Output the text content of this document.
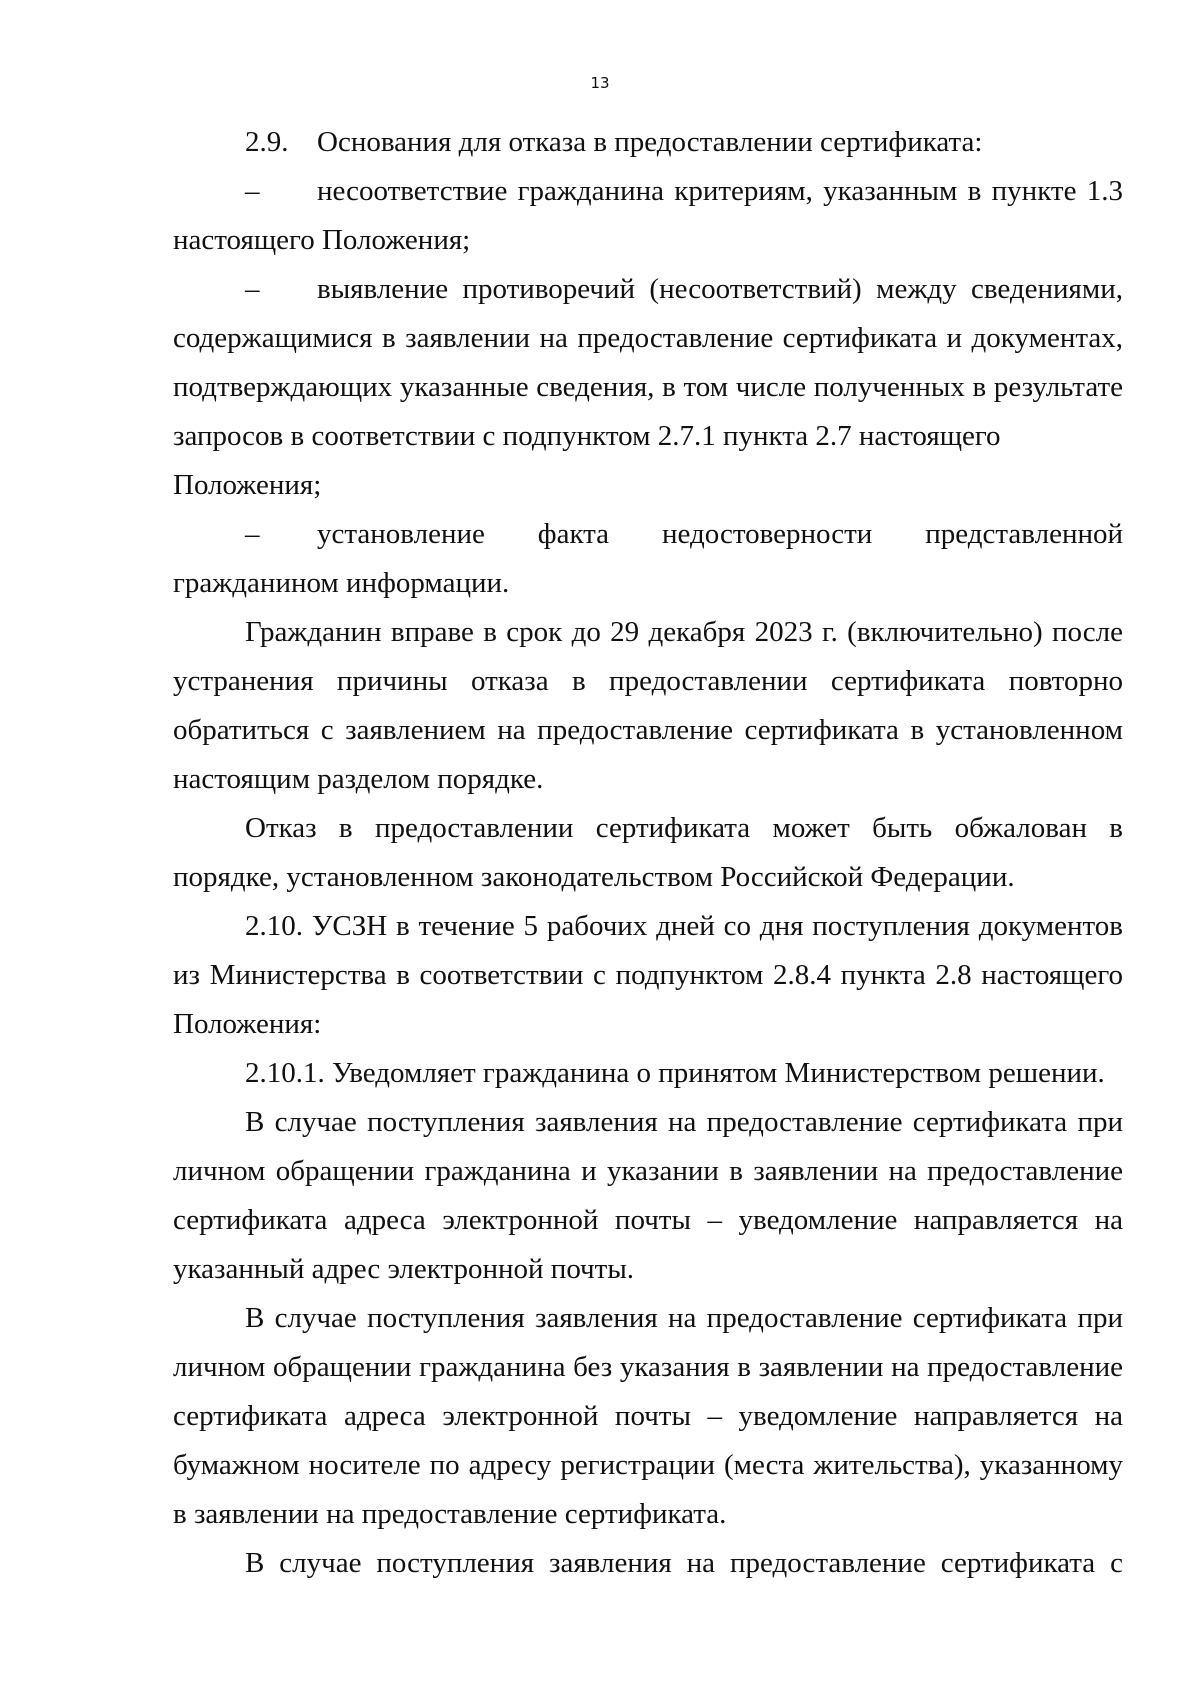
13
2.9. Основания для отказа в предоставлении сертификата:
–	несоответствие гражданина критериям, указанным в пункте 1.3
настоящего Положения;
–	выявление противоречий (несоответствий) между сведениями,
содержащимися в заявлении на предоставление сертификата и документах, подтверждающих указанные сведения, в том числе полученных в результате запросов в соответствии с подпунктом 2.7.1 пункта 2.7 настоящего
Положения;
–	установление факта недостоверности представленной
гражданином информации.

Гражданин вправе в срок до 29 декабря 2023 г. (включительно) после устранения причины отказа в предоставлении сертификата повторно обратиться с заявлением на предоставление сертификата в установленном настоящим разделом порядке.

Отказ в предоставлении сертификата может быть обжалован в порядке, установленном законодательством Российской Федерации.

2.10. УСЗН в течение 5 рабочих дней со дня поступления документов из Министерства в соответствии с подпунктом 2.8.4 пункта 2.8 настоящего Положения:

2.10.1. Уведомляет гражданина о принятом Министерством решении.

В случае поступления заявления на предоставление сертификата при личном обращении гражданина и указании в заявлении на предоставление сертификата адреса электронной почты – уведомление направляется на указанный адрес электронной почты.

В случае поступления заявления на предоставление сертификата при личном обращении гражданина без указания в заявлении на предоставление сертификата адреса электронной почты – уведомление направляется на бумажном носителе по адресу регистрации (места жительства), указанному в заявлении на предоставление сертификата.

В случае поступления заявления на предоставление сертификата с
